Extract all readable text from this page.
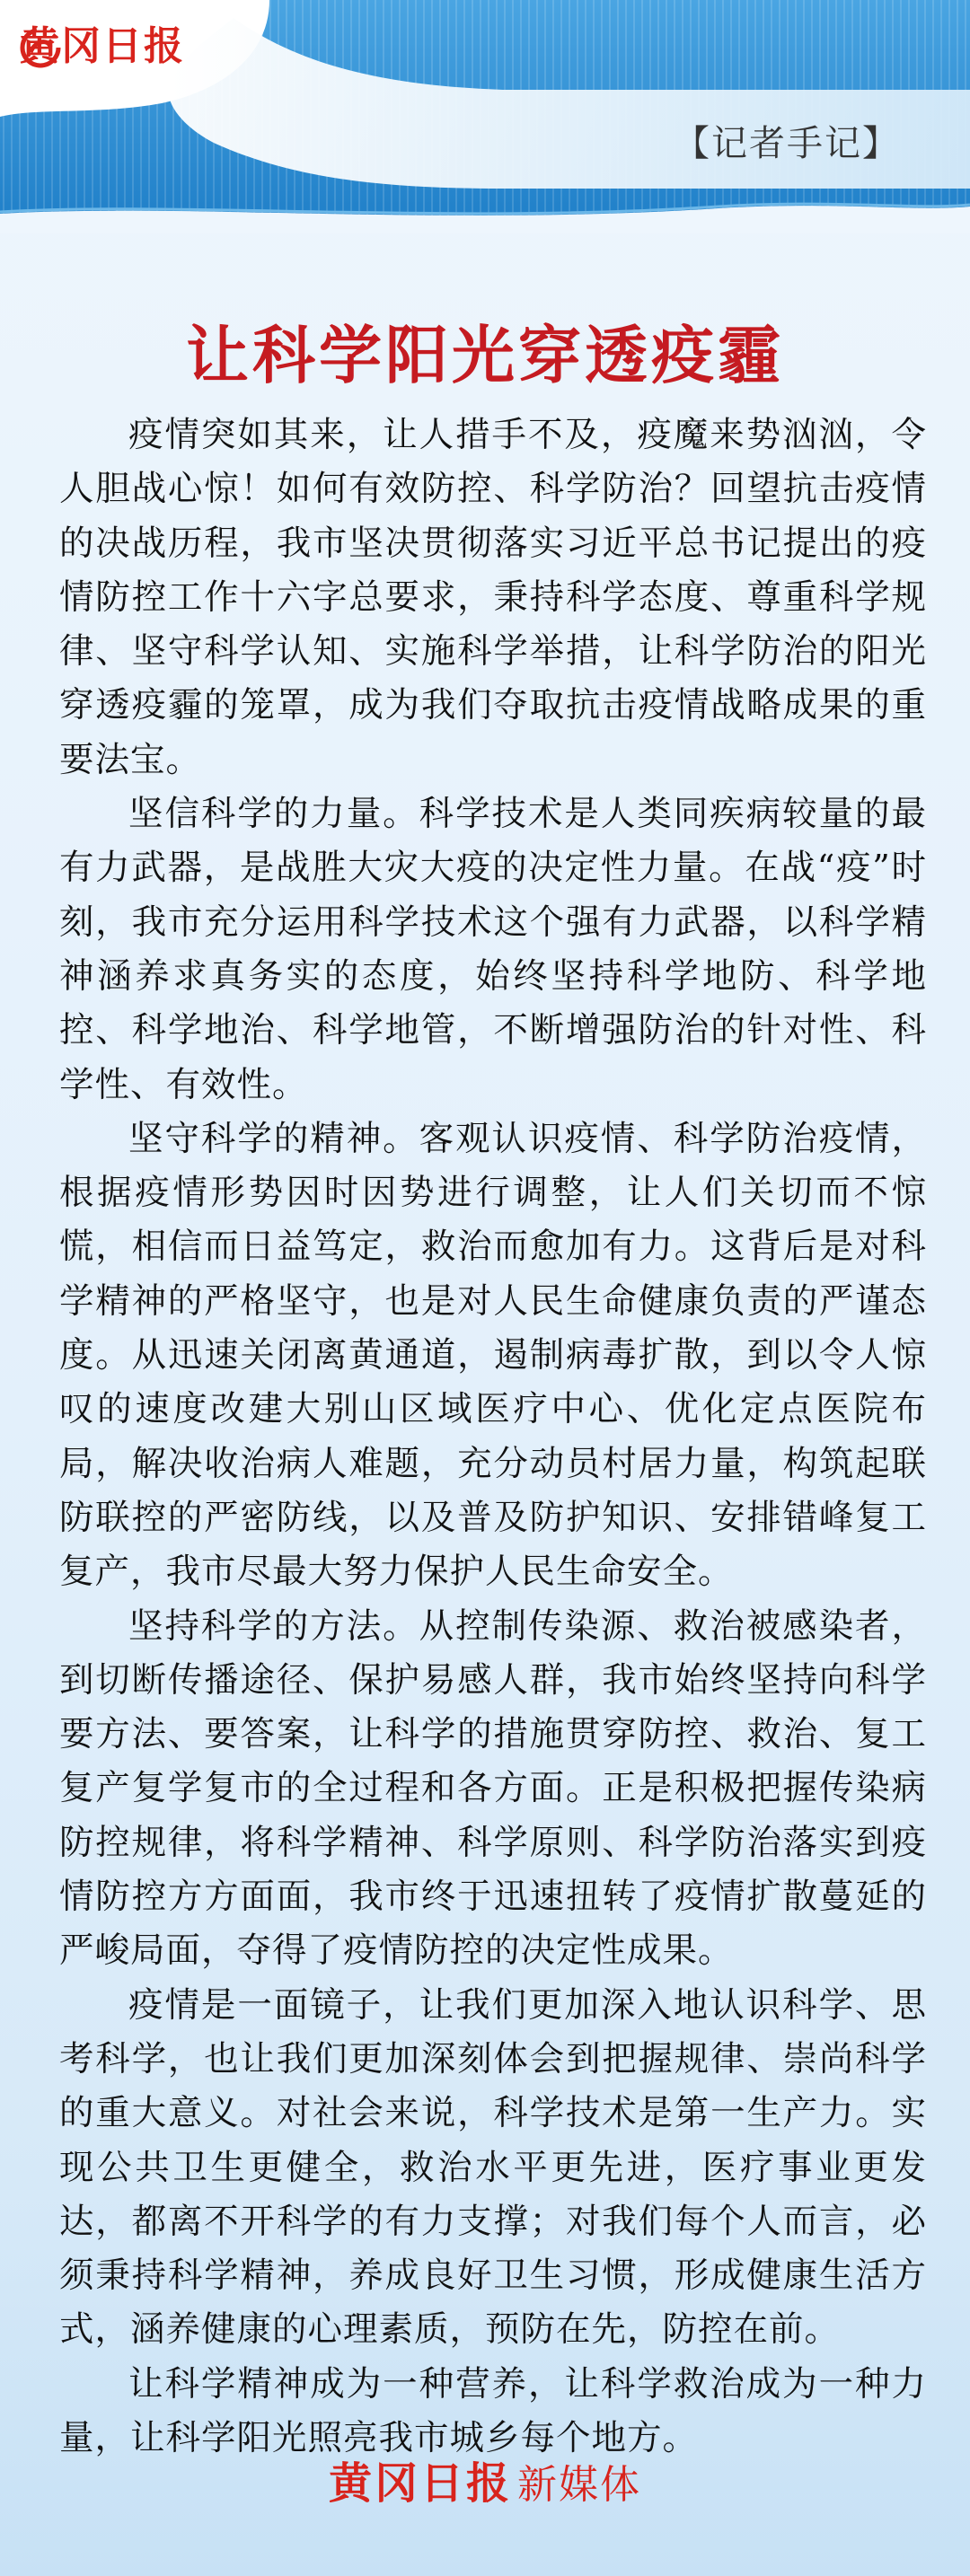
黄冈日报
【记者手记】
让科学阳光穿透疫霾

疫情突如其来，让人措手不及，疫魔来势汹汹，令人胆战心惊！如何有效防控、科学防治？回望抗击疫情的决战历程，我市坚决贯彻落实习近平总书记提出的疫情防控工作十六字总要求，秉持科学态度、尊重科学规律、坚守科学认知、实施科学举措，让科学防治的阳光穿透疫霾的笼罩，成为我们夺取抗击疫情战略成果的重要法宝。

坚信科学的力量。科学技术是人类同疾病较量的最有力武器，是战胜大灾大疫的决定性力量。在战“疫”时刻，我市充分运用科学技术这个强有力武器，以科学精神涵养求真务实的态度，始终坚持科学地防、科学地控、科学地治、科学地管，不断增强防治的针对性、科学性、有效性。

坚守科学的精神。客观认识疫情、科学防治疫情，根据疫情形势因时因势进行调整，让人们关切而不惊慌，相信而日益笃定，救治而愈加有力。这背后是对科学精神的严格坚守，也是对人民生命健康负责的严谨态度。从迅速关闭离黄通道，遏制病毒扩散，到以令人惊叹的速度改建大别山区域医疗中心、优化定点医院布局，解决收治病人难题，充分动员村居力量，构筑起联防联控的严密防线，以及普及防护知识、安排错峰复工复产，我市尽最大努力保护人民生命安全。

坚持科学的方法。从控制传染源、救治被感染者，到切断传播途径、保护易感人群，我市始终坚持向科学要方法、要答案，让科学的措施贯穿防控、救治、复工复产复学复市的全过程和各方面。正是积极把握传染病防控规律，将科学精神、科学原则、科学防治落实到疫情防控方方面面，我市终于迅速扭转了疫情扩散蔓延的严峻局面，夺得了疫情防控的决定性成果。

疫情是一面镜子，让我们更加深入地认识科学、思考科学，也让我们更加深刻体会到把握规律、崇尚科学的重大意义。对社会来说，科学技术是第一生产力。实现公共卫生更健全，救治水平更先进，医疗事业更发达，都离不开科学的有力支撑；对我们每个人而言，必须秉持科学精神，养成良好卫生习惯，形成健康生活方式，涵养健康的心理素质，预防在先，防控在前。

让科学精神成为一种营养，让科学救治成为一种力量，让科学阳光照亮我市城乡每个地方。

黄冈日报 新媒体
